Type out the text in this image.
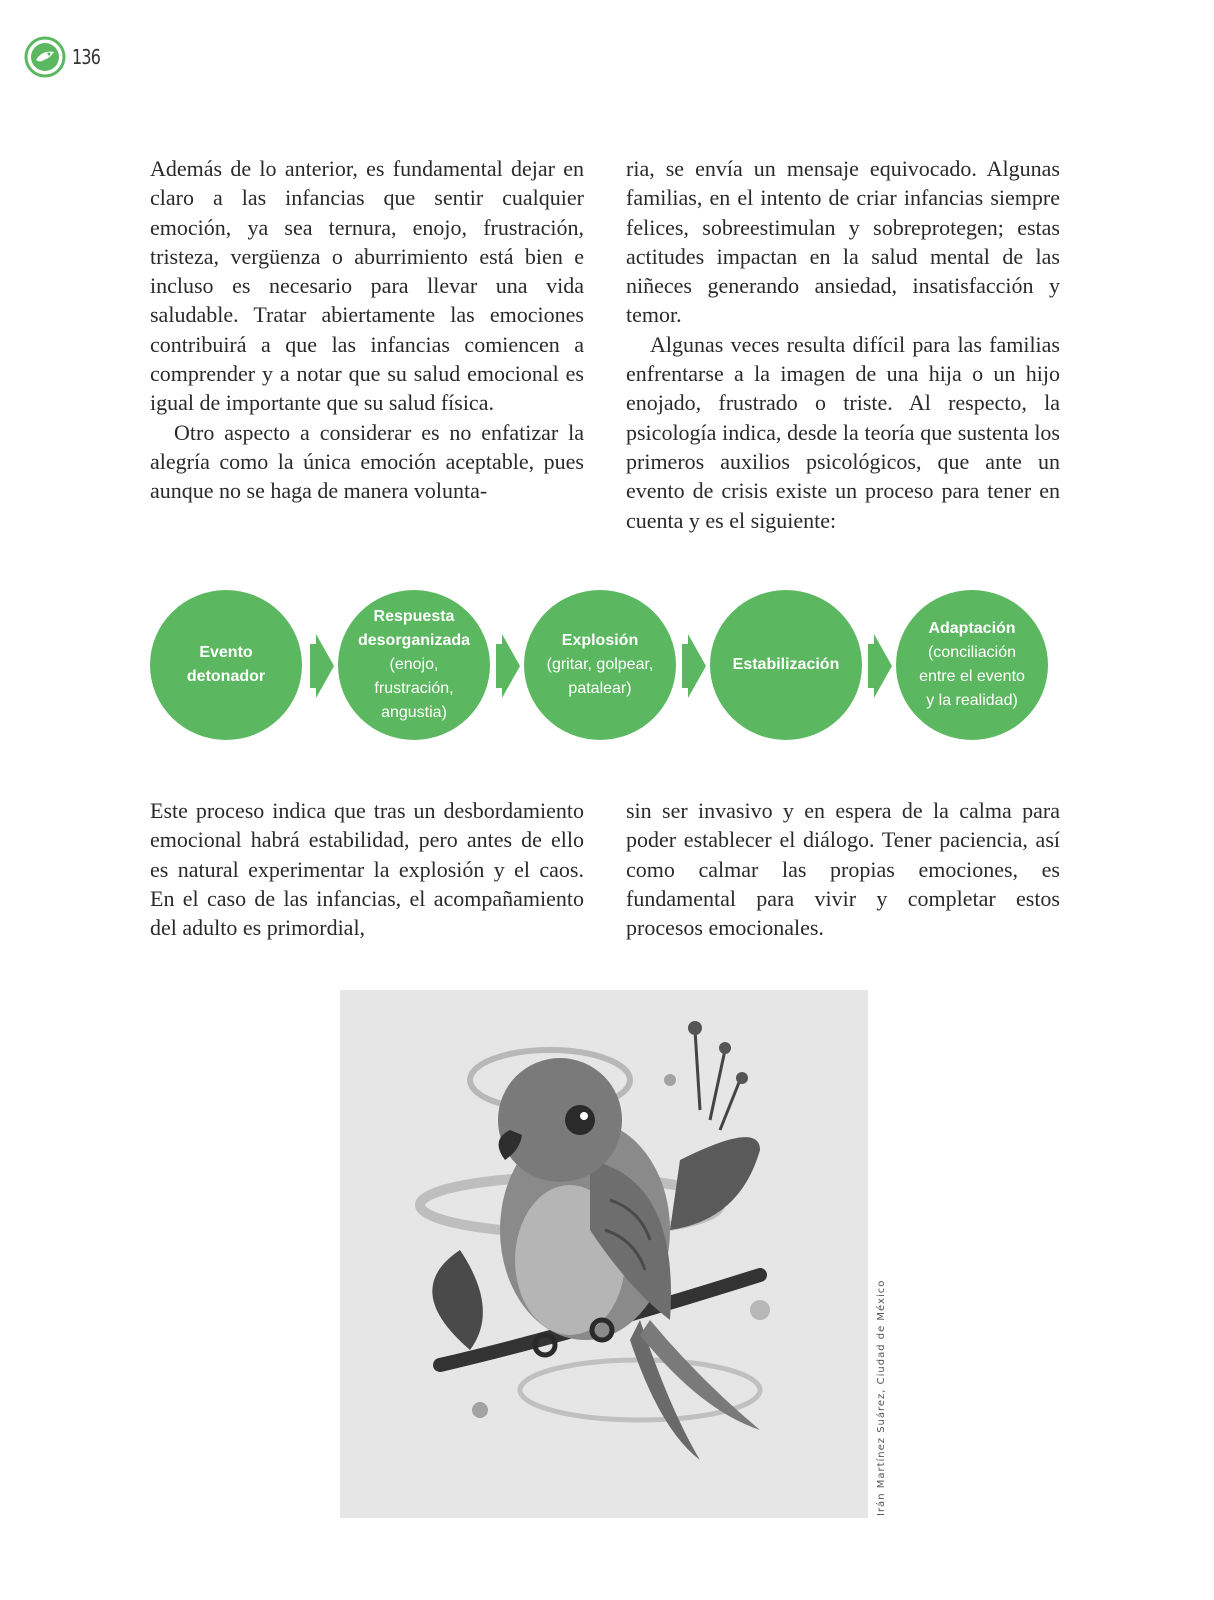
136

Además de lo anterior, es fundamental dejar en claro a las infancias que sentir cualquier emoción, ya sea ternura, enojo, frustración, tristeza, vergüenza o aburrimiento está bien e incluso es necesario para llevar una vida saludable. Tratar abiertamente las emociones contribuirá a que las infancias comiencen a comprender y a notar que su salud emocional es igual de importante que su salud física.

Otro aspecto a considerar es no enfatizar la alegría como la única emoción aceptable, pues aunque no se haga de manera volunta-

ria, se envía un mensaje equivocado. Algunas familias, en el intento de criar infancias siempre felices, sobreestimulan y sobreprotegen; estas actitudes impactan en la salud mental de las niñeces generando ansiedad, insatisfacción y temor.

Algunas veces resulta difícil para las familias enfrentarse a la imagen de una hija o un hijo enojado, frustrado o triste. Al respecto, la psicología indica, desde la teoría que sustenta los primeros auxilios psicológicos, que ante un evento de crisis existe un proceso para tener en cuenta y es el siguiente:

Evento detonador
Respuesta desorganizada
(enojo, frustración, angustia)
Explosión
(gritar, golpear, patalear)
Estabilización
Adaptación
(conciliación entre el evento y la realidad)

Este proceso indica que tras un desbordamiento emocional habrá estabilidad, pero antes de ello es natural experimentar la explosión y el caos. En el caso de las infancias, el acompañamiento del adulto es primordial,

sin ser invasivo y en espera de la calma para poder establecer el diálogo. Tener paciencia, así como calmar las propias emociones, es fundamental para vivir y completar estos procesos emocionales.

Irán Martínez Suárez, Ciudad de México
